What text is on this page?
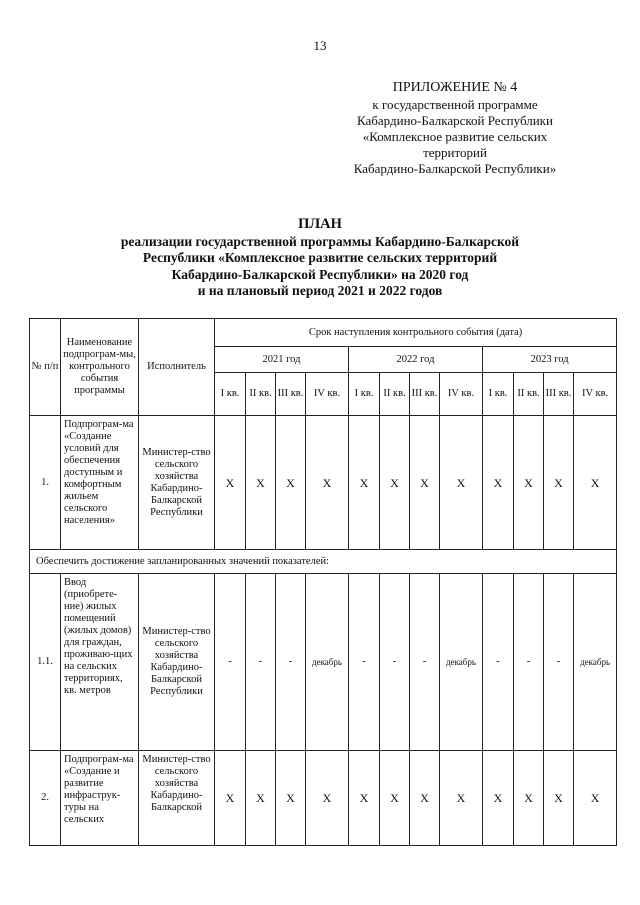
13
ПРИЛОЖЕНИЕ № 4
к государственной программе
Кабардино-Балкарской Республики
«Комплексное развитие сельских
территорий
Кабардино-Балкарской Республики»
ПЛАН
реализации государственной программы Кабардино-Балкарской
Республики «Комплексное развитие сельских территорий
Кабардино-Балкарской Республики» на 2020 год
и на плановый период 2021 и 2022 годов
№ п/п	Наименование подпрограм-мы, контрольного события программы	Исполнитель	Срок наступления контрольного события (дата)											
			2021 год				2022 год				2023 год			
			I кв.	II кв.	III кв.	IV кв.	I кв.	II кв.	III кв.	IV кв.	I кв.	II кв.	III кв.	IV кв.
1.	Подпрограм-ма «Создание условий для обеспечения доступным и комфортным жильем сельского населения»	Министер-ство сельского хозяйства Кабардино-Балкарской Республики	Х	Х	Х	Х	Х	Х	Х	Х	Х	Х	Х	Х
Обеспечить достижение запланированных значений показателей:														
1.1.	Ввод (приобрете-ние) жилых помещений (жилых домов) для граждан, проживаю-щих на сельских территориях, кв. метров	Министер-ство сельского хозяйства Кабардино-Балкарской Республики	-	-	-	декабрь	-	-	-	декабрь	-	-	-	декабрь
2.	Подпрограм-ма «Создание и развитие инфраструк-туры на сельских	Министер-ство сельского хозяйства Кабардино-Балкарской	Х	Х	Х	Х	Х	Х	Х	Х	Х	Х	Х	Х
